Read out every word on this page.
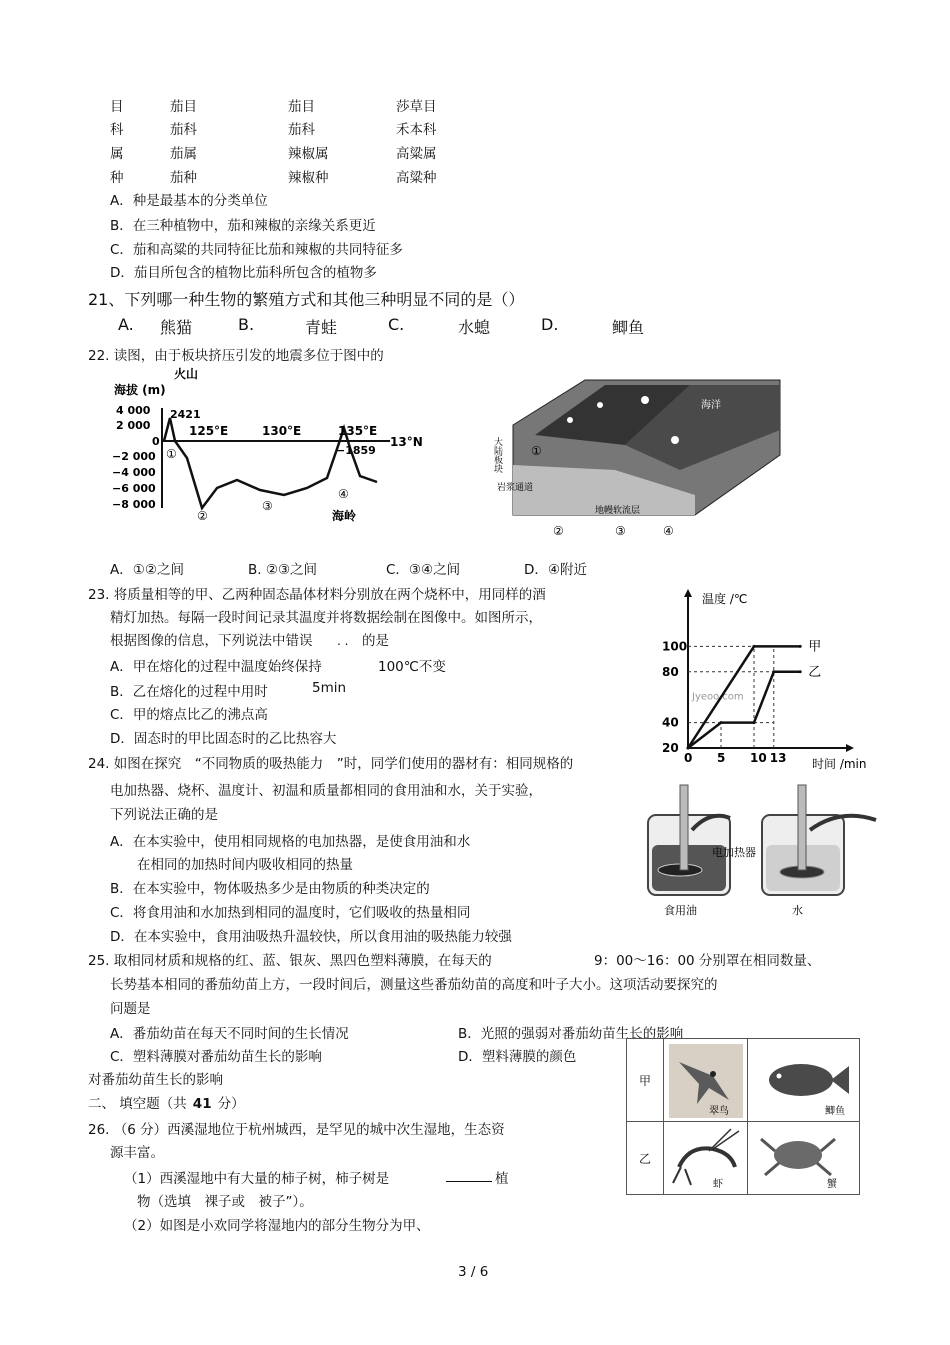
目	茄目	茄目	莎草目
科	茄科	茄科	禾本科
属	茄属	辣椒属	高粱属
种	茄种	辣椒种	高粱种
A．种是最基本的分类单位
B．在三种植物中，茄和辣椒的亲缘关系更近
C．茄和高粱的共同特征比茄和辣椒的共同特征多
D．茄目所包含的植物比茄科所包含的植物多
21、下列哪一种生物的繁殖方式和其他三种明显不同的是（）
A. 熊猫	B.	青蛙	C.	水螅	D.	鲫鱼
22. 读图，由于板块挤压引发的地震多位于图中的
海拔 (m)
火山
4 000
2 000
0
−2 000
−4 000
−6 000
−8 000
2421
125°E	130°E	135°E
13°N
−1859
①
②
③
④
海岭
海洋
大陆板块
岩浆通道
地幔软流层
①
②	③	④
A．①②之间	B. ②③之间	C．③④之间	D．④附近
23. 将质量相等的甲、乙两种固态晶体材料分别放在两个烧杯中，用同样的酒
精灯加热。每隔一段时间记录其温度并将数据绘制在图像中。如图所示，
根据图像的信息，下列说法中错误 . . 的是
A．甲在熔化的过程中温度始终保持	100℃不变
B．乙在熔化的过程中用时	5min
C．甲的熔点比乙的沸点高
D．固态时的甲比固态时的乙比热容大
20
40
80
100
0 5 10 13
温度 /℃
时间 /min
Jyeoo.com
甲
乙
24. 如图在探究　“不同物质的吸热能力　”时，同学们使用的器材有：相同规格的
电加热器、烧杯、温度计、初温和质量都相同的食用油和水，关于实验，
下列说法正确的是
A．在本实验中，使用相同规格的电加热器，是使食用油和水
在相同的加热时间内吸收相同的热量
B．在本实验中，物体吸热多少是由物质的种类决定的
C．将食用油和水加热到相同的温度时，它们吸收的热量相同
D．在本实验中，食用油吸热升温较快，所以食用油的吸热能力较强
电加热器
食用油	水
25. 取相同材质和规格的红、蓝、银灰、黑四色塑料薄膜，在每天的	9：00～16：00 分别罩在相同数量、
长势基本相同的番茄幼苗上方，一段时间后，测量这些番茄幼苗的高度和叶子大小。这项活动要探究的
问题是
A．番茄幼苗在每天不同时间的生长情况	B．光照的强弱对番茄幼苗生长的影响
C．塑料薄膜对番茄幼苗生长的影响	D．塑料薄膜的颜色
对番茄幼苗生长的影响
二、 填空题（共 41 分）
26. （6 分）西溪湿地位于杭州城西，是罕见的城中次生湿地，生态资
源丰富。
（1）西溪湿地中有大量的柿子树，柿子树是	植
物（选填　裸子或　被子”）。
（2）如图是小欢同学将湿地内的部分生物分为甲、
甲
乙
翠鸟	鲫鱼
虾	蟹
3 / 6
